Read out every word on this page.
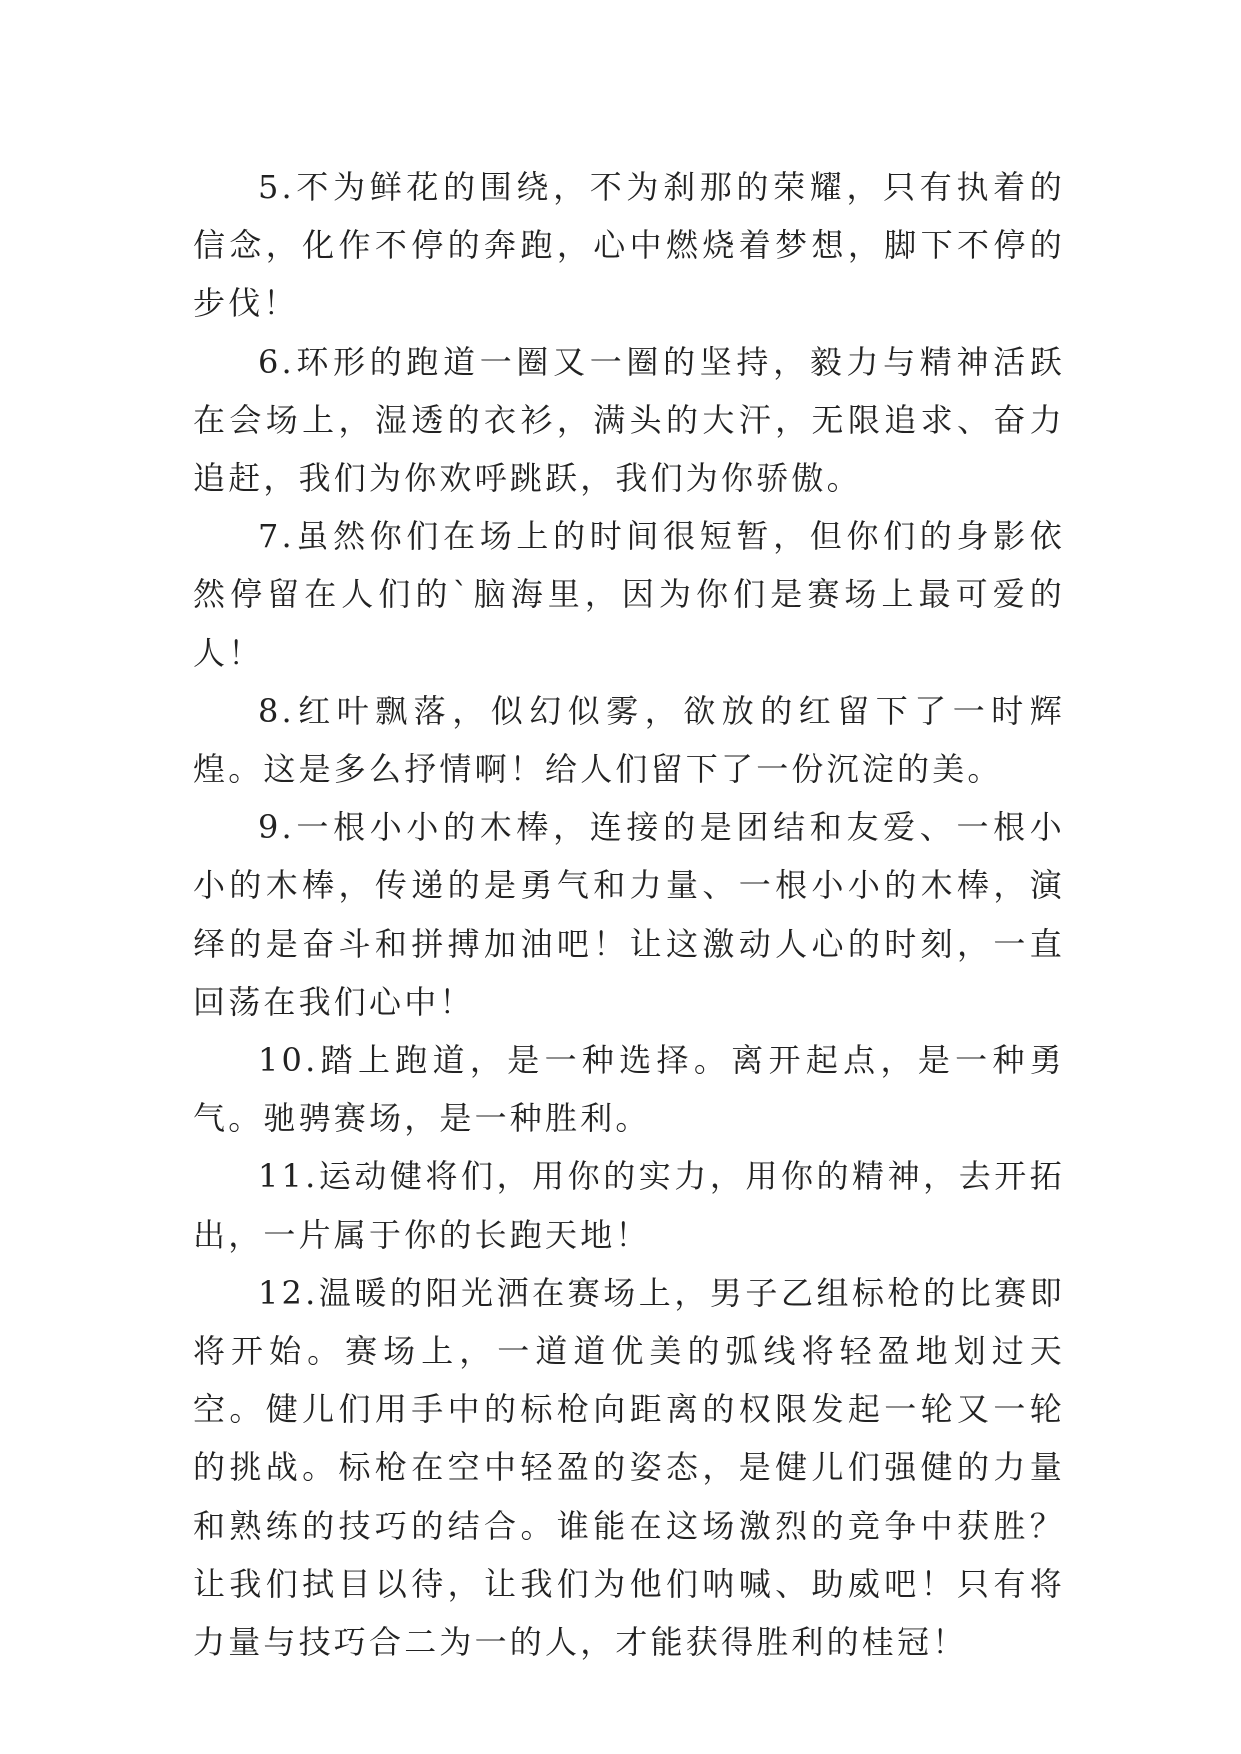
5.不为鲜花的围绕，不为刹那的荣耀，只有执着的信念，化作不停的奔跑，心中燃烧着梦想，脚下不停的步伐！

6.环形的跑道一圈又一圈的坚持，毅力与精神活跃在会场上，湿透的衣衫，满头的大汗，无限追求、奋力追赶，我们为你欢呼跳跃，我们为你骄傲。

7.虽然你们在场上的时间很短暂，但你们的身影依然停留在人们的`脑海里，因为你们是赛场上最可爱的人！

8.红叶飘落，似幻似雾，欲放的红留下了一时辉煌。这是多么抒情啊！给人们留下了一份沉淀的美。

9.一根小小的木棒，连接的是团结和友爱、一根小小的木棒，传递的是勇气和力量、一根小小的木棒，演绎的是奋斗和拼搏加油吧！让这激动人心的时刻，一直回荡在我们心中！

10.踏上跑道，是一种选择。离开起点，是一种勇气。驰骋赛场，是一种胜利。

11.运动健将们，用你的实力，用你的精神，去开拓出，一片属于你的长跑天地！

12.温暖的阳光洒在赛场上，男子乙组标枪的比赛即将开始。赛场上，一道道优美的弧线将轻盈地划过天空。健儿们用手中的标枪向距离的权限发起一轮又一轮的挑战。标枪在空中轻盈的姿态，是健儿们强健的力量和熟练的技巧的结合。谁能在这场激烈的竞争中获胜？让我们拭目以待，让我们为他们呐喊、助威吧！只有将力量与技巧合二为一的人，才能获得胜利的桂冠！
